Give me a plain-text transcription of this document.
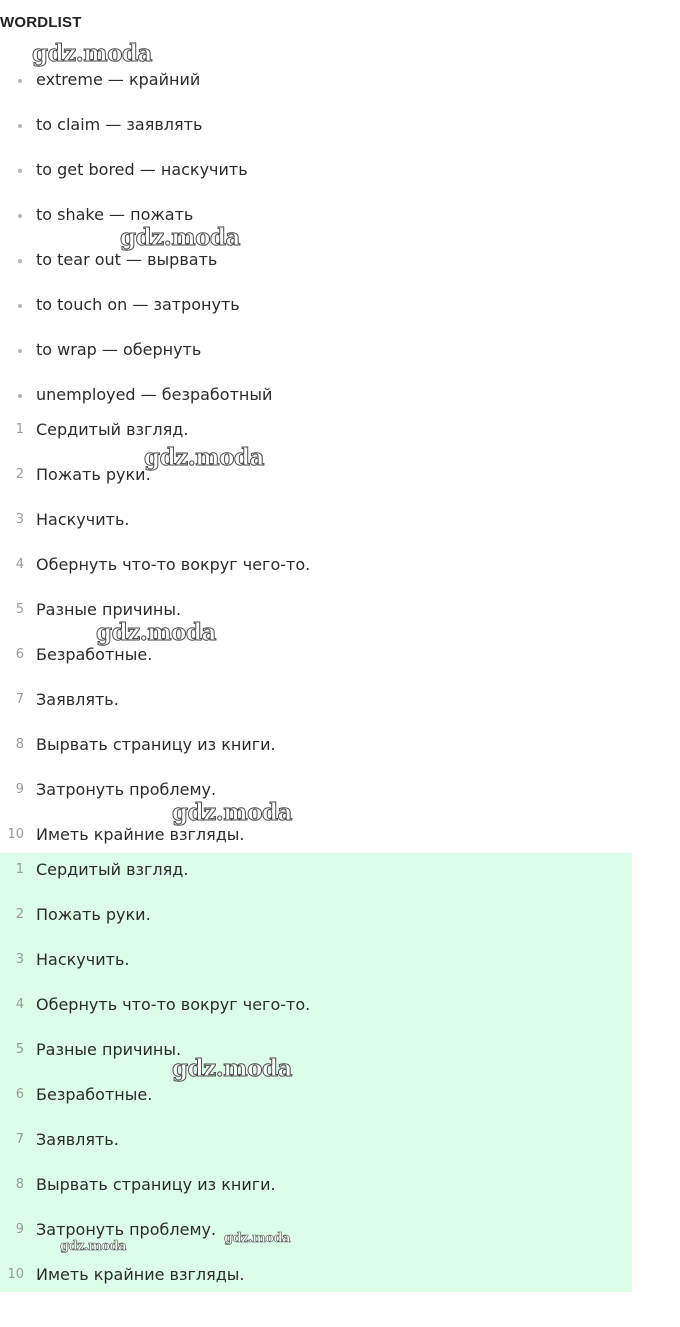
WORDLIST
extreme — крайний
to claim — заявлять
to get bored — наскучить
to shake — пожать
to tear out — вырвать
to touch on — затронуть
to wrap — обернуть
unemployed — безработный
1 Сердитый взгляд.
2 Пожать руки.
3 Наскучить.
4 Обернуть что-то вокруг чего-то.
5 Разные причины.
6 Безработные.
7 Заявлять.
8 Вырвать страницу из книги.
9 Затронуть проблему.
10 Иметь крайние взгляды.
1 Сердитый взгляд.
2 Пожать руки.
3 Наскучить.
4 Обернуть что-то вокруг чего-то.
5 Разные причины.
6 Безработные.
7 Заявлять.
8 Вырвать страницу из книги.
9 Затронуть проблему.
10 Иметь крайние взгляды.
gdz.moda
gdz.moda
gdz.moda
gdz.moda
gdz.moda
gdz.moda
gdz.moda
gdz.moda
